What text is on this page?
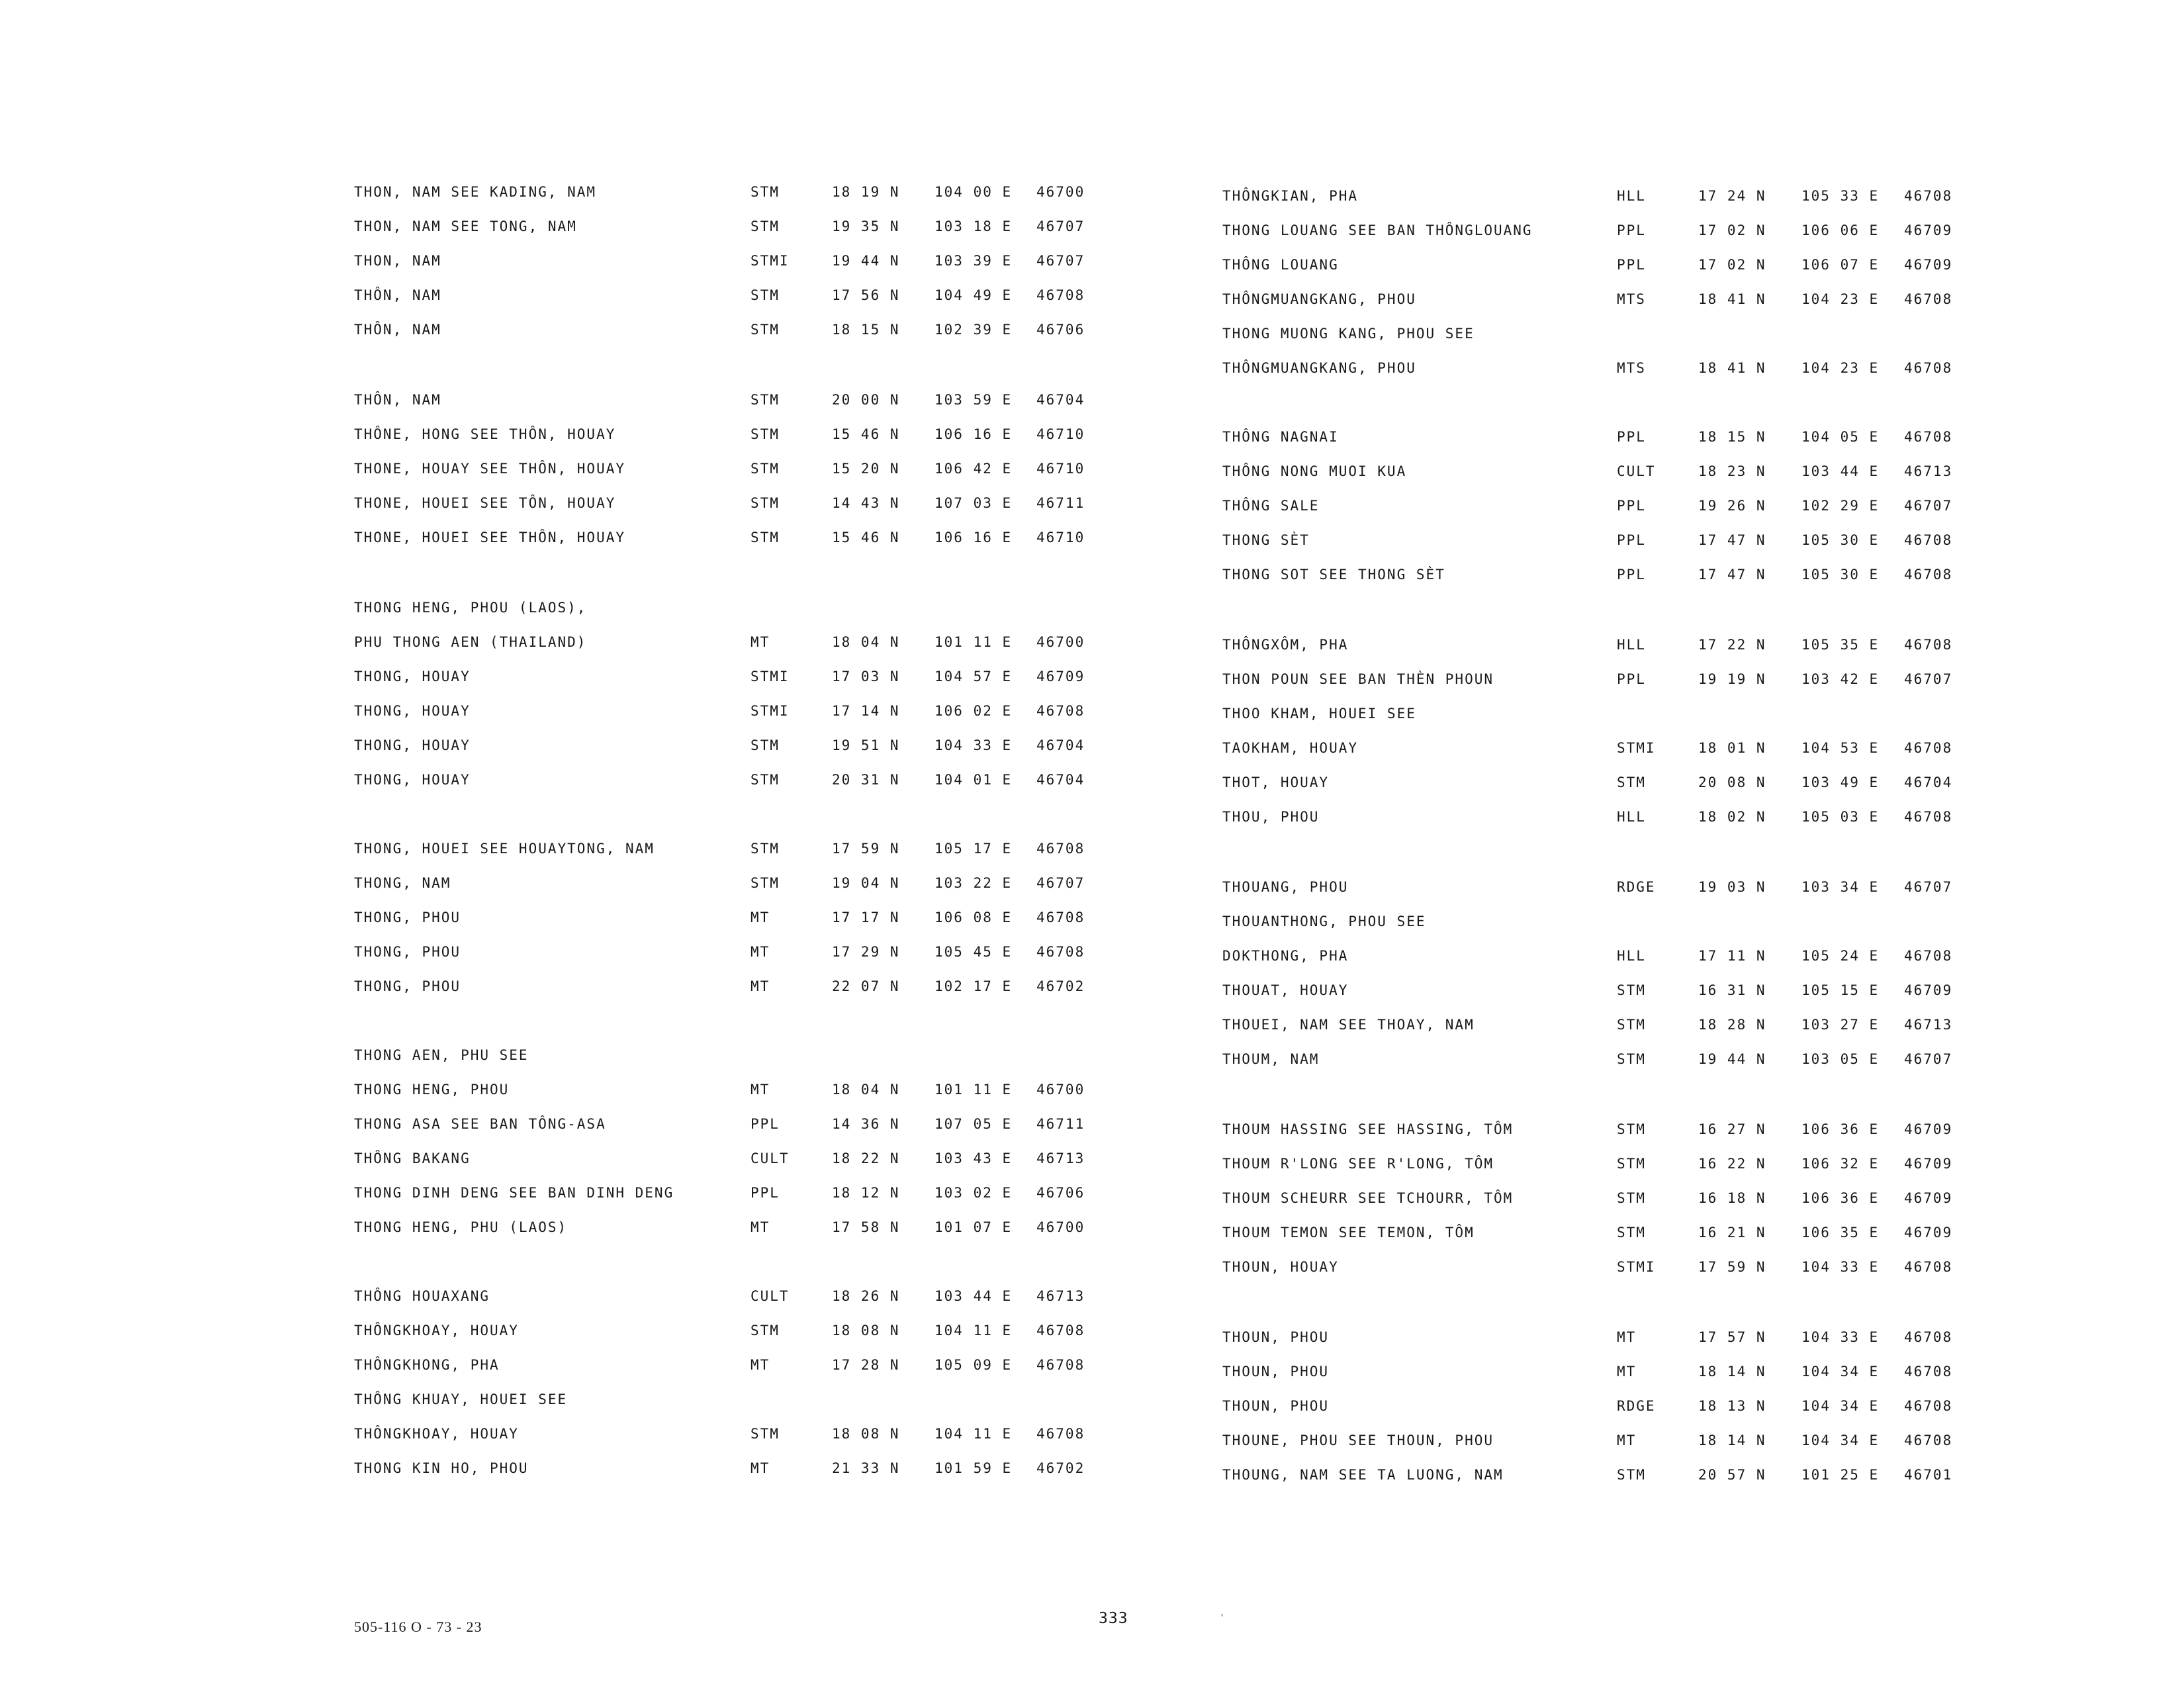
THON, NAM SEE KADING, NAM	STM	18 19 N 104 00 E 46700
THON, NAM SEE TONG, NAM	STM	19 35 N 103 18 E 46707
THON, NAM	STMI	19 44 N 103 39 E 46707
THÔN, NAM	STM	17 56 N 104 49 E 46708
THÔN, NAM	STM	18 15 N 102 39 E 46706
THÔN, NAM	STM	20 00 N 103 59 E 46704
THÔNE, HONG SEE THÔN, HOUAY	STM	15 46 N 106 16 E 46710
THONE, HOUAY SEE THÔN, HOUAY	STM	15 20 N 106 42 E 46710
THONE, HOUEI SEE TÔN, HOUAY	STM	14 43 N 107 03 E 46711
THONE, HOUEI SEE THÔN, HOUAY	STM	15 46 N 106 16 E 46710
THONG HENG, PHOU (LAOS),
PHU THONG AEN (THAILAND)	MT	18 04 N 101 11 E 46700
THONG, HOUAY	STMI	17 03 N 104 57 E 46709
THONG, HOUAY	STMI	17 14 N 106 02 E 46708
THONG, HOUAY	STM	19 51 N 104 33 E 46704
THONG, HOUAY	STM	20 31 N 104 01 E 46704
THONG, HOUEI SEE HOUAYTONG, NAM	STM	17 59 N 105 17 E 46708
THONG, NAM	STM	19 04 N 103 22 E 46707
THONG, PHOU	MT	17 17 N 106 08 E 46708
THONG, PHOU	MT	17 29 N 105 45 E 46708
THONG, PHOU	MT	22 07 N 102 17 E 46702
THONG AEN, PHU SEE
THONG HENG, PHOU	MT	18 04 N 101 11 E 46700
THONG ASA SEE BAN TÔNG-ASA	PPL	14 36 N 107 05 E 46711
THÔNG BAKANG	CULT	18 22 N 103 43 E 46713
THONG DINH DENG SEE BAN DINH DENG	PPL	18 12 N 103 02 E 46706
THONG HENG, PHU (LAOS)	MT	17 58 N 101 07 E 46700
THÔNG HOUAXANG	CULT	18 26 N 103 44 E 46713
THÔNGKHOAY, HOUAY	STM	18 08 N 104 11 E 46708
THÔNGKHONG, PHA	MT	17 28 N 105 09 E 46708
THÔNG KHUAY, HOUEI SEE
THÔNGKHOAY, HOUAY	STM	18 08 N 104 11 E 46708
THONG KIN HO, PHOU	MT	21 33 N 101 59 E 46702
THÔNGKIAN, PHA	HLL	17 24 N	105 33 E 46708
THONG LOUANG SEE BAN THÔNGLOUANG	PPL	17 02 N	106 06 E 46709
THÔNG LOUANG	PPL	17 02 N	106 07 E 46709
THÔNGMUANGKANG, PHOU	MTS	18 41 N	104 23 E 46708
THONG MUONG KANG, PHOU SEE
THÔNGMUANGKANG, PHOU	MTS	18 41 N	104 23 E 46708
THÔNG NAGNAI	PPL	18 15 N	104 05 E 46708
THÔNG NONG MUOI KUA	CULT	18 23 N	103 44 E 46713
THÔNG SALE	PPL	19 26 N	102 29 E 46707
THONG SÈT	PPL	17 47 N	105 30 E 46708
THONG SOT SEE THONG SÈT	PPL	17 47 N	105 30 E 46708
THÔNGXÔM, PHA	HLL	17 22 N	105 35 E 46708
THON POUN SEE BAN THÈN PHOUN	PPL	19 19 N	103 42 E 46707
THOO KHAM, HOUEI SEE
TAOKHAM, HOUAY	STMI	18 01 N	104 53 E 46708
THOT, HOUAY	STM	20 08 N	103 49 E 46704
THOU, PHOU	HLL	18 02 N	105 03 E 46708
THOUANG, PHOU	RDGE	19 03 N	103 34 E 46707
THOUANTHONG, PHOU SEE
DOKTHONG, PHA	HLL	17 11 N	105 24 E 46708
THOUAT, HOUAY	STM	16 31 N	105 15 E 46709
THOUEI, NAM SEE THOAY, NAM	STM	18 28 N	103 27 E 46713
THOUM, NAM	STM	19 44 N	103 05 E 46707
THOUM HASSING SEE HASSING, TÔM	STM	16 27 N	106 36 E 46709
THOUM R'LONG SEE R'LONG, TÔM	STM	16 22 N	106 32 E 46709
THOUM SCHEURR SEE TCHOURR, TÔM	STM	16 18 N	106 36 E 46709
THOUM TEMON SEE TEMON, TÔM	STM	16 21 N	106 35 E 46709
THOUN, HOUAY	STMI	17 59 N	104 33 E 46708
THOUN, PHOU	MT	17 57 N	104 33 E 46708
THOUN, PHOU	MT	18 14 N	104 34 E 46708
THOUN, PHOU	RDGE	18 13 N	104 34 E 46708
THOUNE, PHOU SEE THOUN, PHOU	MT	18 14 N	104 34 E 46708
THOUNG, NAM SEE TA LUONG, NAM	STM	20 57 N	101 25 E 46701
505-116 O - 73 - 23	333	'
